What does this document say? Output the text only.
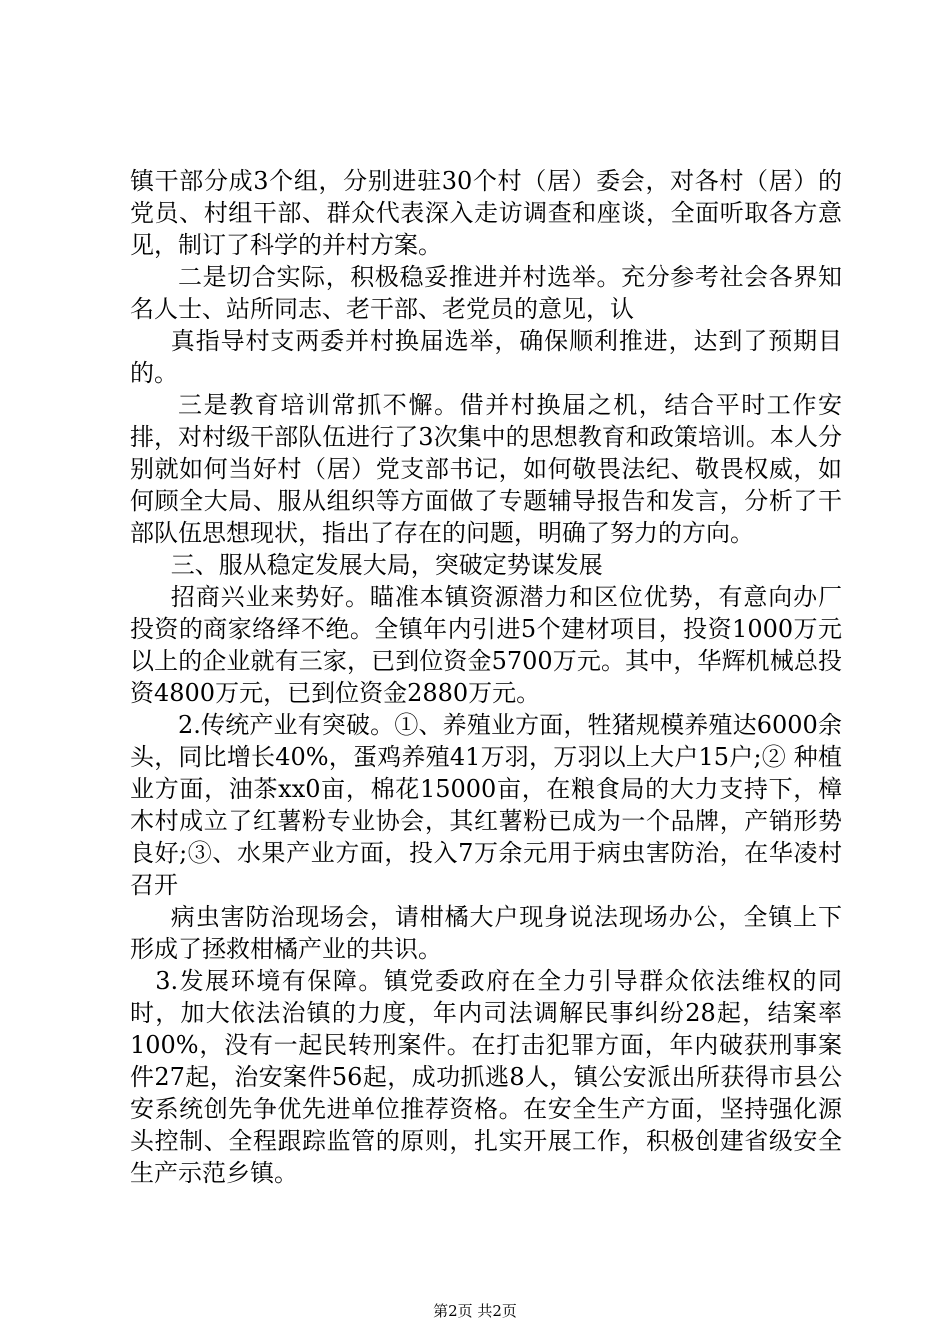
镇干部分成3个组，分别进驻30个村（居）委会，对各村（居）的党员、村组干部、群众代表深入走访调查和座谈，全面听取各方意见，制订了科学的并村方案。

二是切合实际，积极稳妥推进并村选举。充分参考社会各界知名人士、站所同志、老干部、老党员的意见，认

真指导村支两委并村换届选举，确保顺利推进，达到了预期目的。

三是教育培训常抓不懈。借并村换届之机，结合平时工作安排，对村级干部队伍进行了3次集中的思想教育和政策培训。本人分别就如何当好村（居）党支部书记，如何敬畏法纪、敬畏权威，如何顾全大局、服从组织等方面做了专题辅导报告和发言，分析了干部队伍思想现状，指出了存在的问题，明确了努力的方向。

三、服从稳定发展大局，突破定势谋发展

招商兴业来势好。瞄准本镇资源潜力和区位优势，有意向办厂投资的商家络绎不绝。全镇年内引进5个建材项目，投资1000万元以上的企业就有三家，已到位资金5700万元。其中，华辉机械总投资4800万元，已到位资金2880万元。

2.传统产业有突破。①、养殖业方面，牲猪规模养殖达6000余头，同比增长40%，蛋鸡养殖41万羽，万羽以上大户15户;② 种植业方面，油茶xx0亩，棉花15000亩，在粮食局的大力支持下，樟木村成立了红薯粉专业协会，其红薯粉已成为一个品牌，产销形势良好;③、水果产业方面，投入7万余元用于病虫害防治，在华凌村召开

病虫害防治现场会，请柑橘大户现身说法现场办公，全镇上下形成了拯救柑橘产业的共识。

3.发展环境有保障。镇党委政府在全力引导群众依法维权的同时，加大依法治镇的力度，年内司法调解民事纠纷28起，结案率100%，没有一起民转刑案件。在打击犯罪方面，年内破获刑事案件27起，治安案件56起，成功抓逃8人，镇公安派出所获得市县公安系统创先争优先进单位推荐资格。在安全生产方面，坚持强化源头控制、全程跟踪监管的原则，扎实开展工作，积极创建省级安全生产示范乡镇。

第2页 共2页
